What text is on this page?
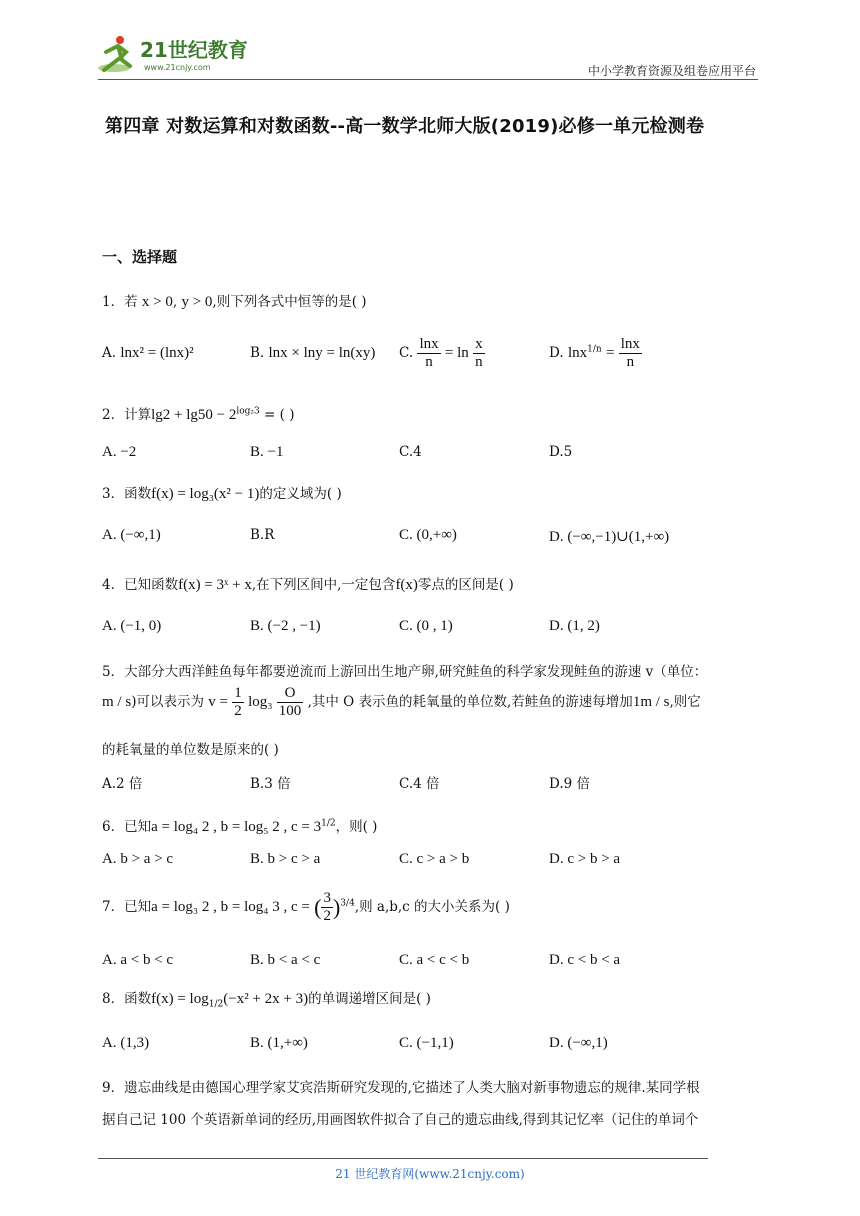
21世纪教育
www.21cnjy.com	中小学教育资源及组卷应用平台
第四章 对数运算和对数函数--高一数学北师大版(2019)必修一单元检测卷
一、选择题
1．若 x > 0, y > 0,则下列各式中恒等的是( )
A. lnx² = (lnx)²	B. lnx × lny = ln(xy) C. $\frac{\ln x}{n} = \ln \frac{x}{n}$	D. $\ln x^{1/n} = \frac{\ln x}{n}$
2．计算$\lg 2 + \lg 50 - 2^{log_23}$ = ( )
A. −2	B. −1	C.4	D.5
3．函数f(x) = log₃(x² − 1)的定义域为( )
A. (−∞,1)	B.R	C. (0,+∞)	D. (−∞,−1)∪(1,+∞)
4．已知函数f(x) = 3ˣ + x,在下列区间中,一定包含f(x)零点的区间是( )
A. (−1, 0)	B. (−2 , −1)	C. (0 , 1)	D. (1, 2)
5．大部分大西洋鲑鱼每年都要逆流而上游回出生地产卵,研究鲑鱼的科学家发现鲑鱼的游速 v（单位：
m / s)可以表示为 $v = \frac{1}{2} \log_3 \frac{O}{100}$ ,其中 O 表示鱼的耗氧量的单位数,若鲑鱼的游速每增加1m / s,则它
的耗氧量的单位数是原来的( )
A.2 倍	B.3 倍	C.4 倍	D.9 倍
6．已知a = log₄ 2 , b = log₅ 2 , $c = 3^{1/2}$，则( )
A. b > a > c	B. b > c > a	C. c > a > b	D. c > b > a
7．已知a = log₃ 2 , b = log₄ 3 , c = ( $\frac{3}{2} )^{3/4}$,则 a,b,c 的大小关系为( )
A. a < b < c	B. b < a < c	C. a < c < b	D. c < b < a
8．函数$f(x) = \log_{1/2}(-x^2 + 2x + 3)$的单调递增区间是( )
A. (1,3)	B. (1,+∞)	C. (−1,1)	D. (−∞,1)
9．遗忘曲线是由德国心理学家艾宾浩斯研究发现的,它描述了人类大脑对新事物遗忘的规律.某同学根
据自己记 100 个英语新单词的经历,用画图软件拟合了自己的遗忘曲线,得到其记忆率（记住的单词个
21 世纪教育网(www.21cnjy.com)
